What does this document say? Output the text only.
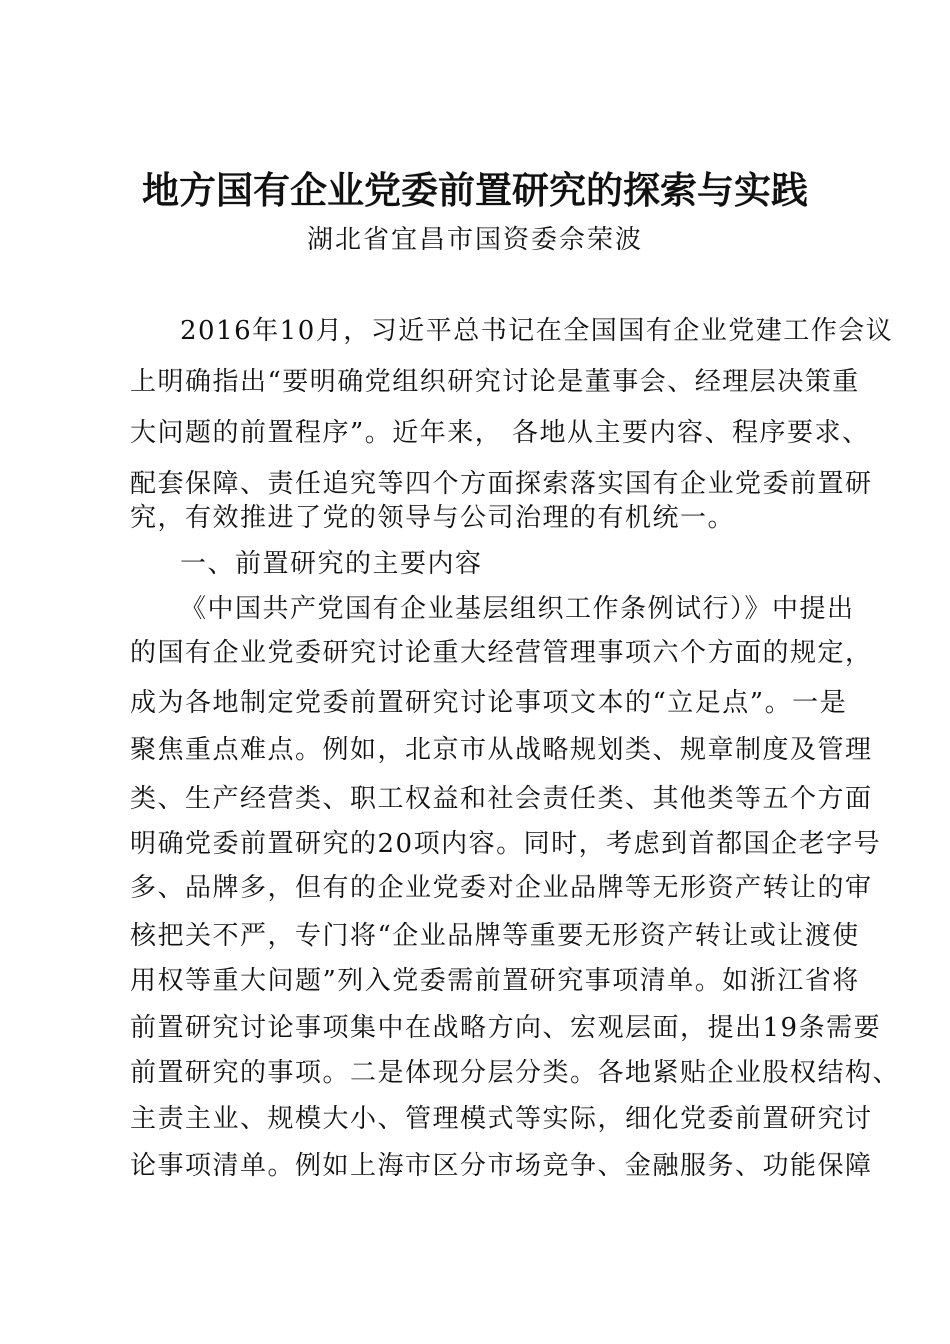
地方国有企业党委前置研究的探索与实践
湖北省宜昌市国资委佘荣波
2016年10月，习近平总书记在全国国有企业党建工作会议
上明确指出“要明确党组织研究讨论是董事会、经理层决策重
大问题的前置程序”。近年来， 各地从主要内容、程序要求、
配套保障、责任追究等四个方面探索落实国有企业党委前置研
究，有效推进了党的领导与公司治理的有机统一。
一、前置研究的主要内容
《中国共产党国有企业基层组织工作条例试行）》中提出
的国有企业党委研究讨论重大经营管理事项六个方面的规定，
成为各地制定党委前置研究讨论事项文本的“立足点”。一是
聚焦重点难点。例如，北京市从战略规划类、规章制度及管理
类、生产经营类、职工权益和社会责任类、其他类等五个方面
明确党委前置研究的20项内容。同时，考虑到首都国企老字号
多、品牌多，但有的企业党委对企业品牌等无形资产转让的审
核把关不严，专门将“企业品牌等重要无形资产转让或让渡使
用权等重大问题”列入党委需前置研究事项清单。如浙江省将
前置研究讨论事项集中在战略方向、宏观层面，提出19条需要
前置研究的事项。二是体现分层分类。各地紧贴企业股权结构、
主责主业、规模大小、管理模式等实际，细化党委前置研究讨
论事项清单。例如上海市区分市场竞争、金融服务、功能保障
